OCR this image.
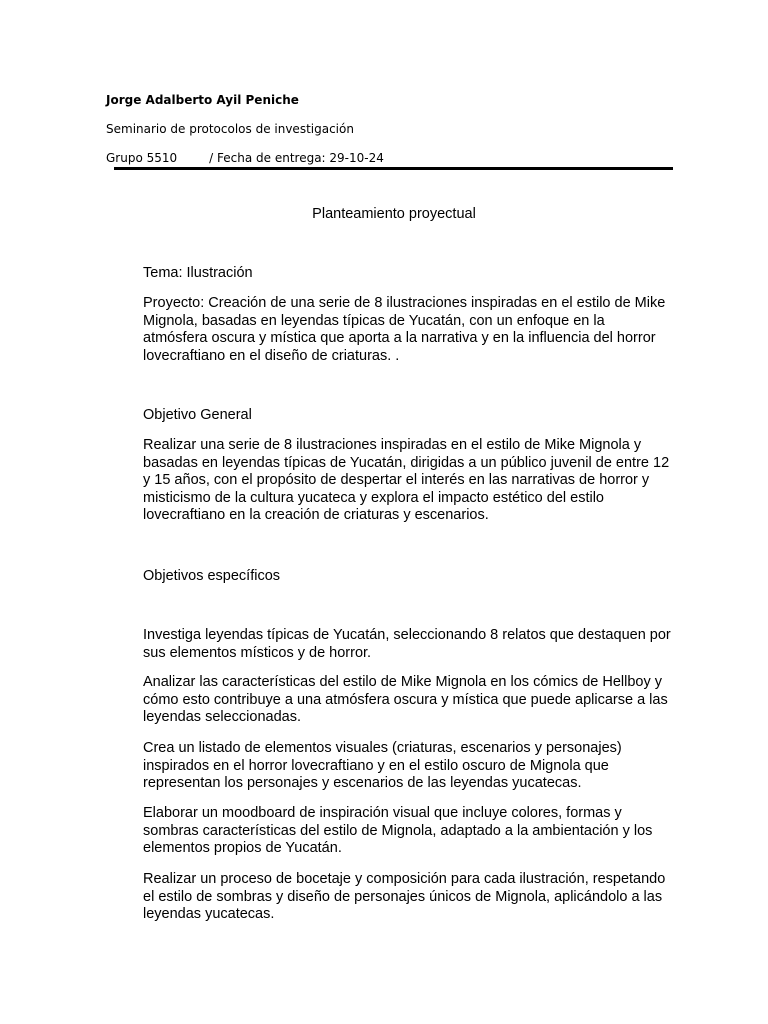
Jorge Adalberto Ayil Peniche
Seminario de protocolos de investigación
Grupo 5510	/ Fecha de entrega: 29-10-24
Planteamiento proyectual

Tema: Ilustración

Proyecto: Creación de una serie de 8 ilustraciones inspiradas en el estilo de Mike Mignola, basadas en leyendas típicas de Yucatán, con un enfoque en la atmósfera oscura y mística que aporta a la narrativa y en la influencia del horror lovecraftiano en el diseño de criaturas. .

Objetivo General

Realizar una serie de 8 ilustraciones inspiradas en el estilo de Mike Mignola y basadas en leyendas típicas de Yucatán, dirigidas a un público juvenil de entre 12 y 15 años, con el propósito de despertar el interés en las narrativas de horror y misticismo de la cultura yucateca y explora el impacto estético del estilo lovecraftiano en la creación de criaturas y escenarios.

Objetivos específicos

Investiga leyendas típicas de Yucatán, seleccionando 8 relatos que destaquen por sus elementos místicos y de horror.

Analizar las características del estilo de Mike Mignola en los cómics de Hellboy y cómo esto contribuye a una atmósfera oscura y mística que puede aplicarse a las leyendas seleccionadas.

Crea un listado de elementos visuales (criaturas, escenarios y personajes) inspirados en el horror lovecraftiano y en el estilo oscuro de Mignola que representan los personajes y escenarios de las leyendas yucatecas.

Elaborar un moodboard de inspiración visual que incluye colores, formas y sombras características del estilo de Mignola, adaptado a la ambientación y los elementos propios de Yucatán.

Realizar un proceso de bocetaje y composición para cada ilustración, respetando el estilo de sombras y diseño de personajes únicos de Mignola, aplicándolo a las leyendas yucatecas.
